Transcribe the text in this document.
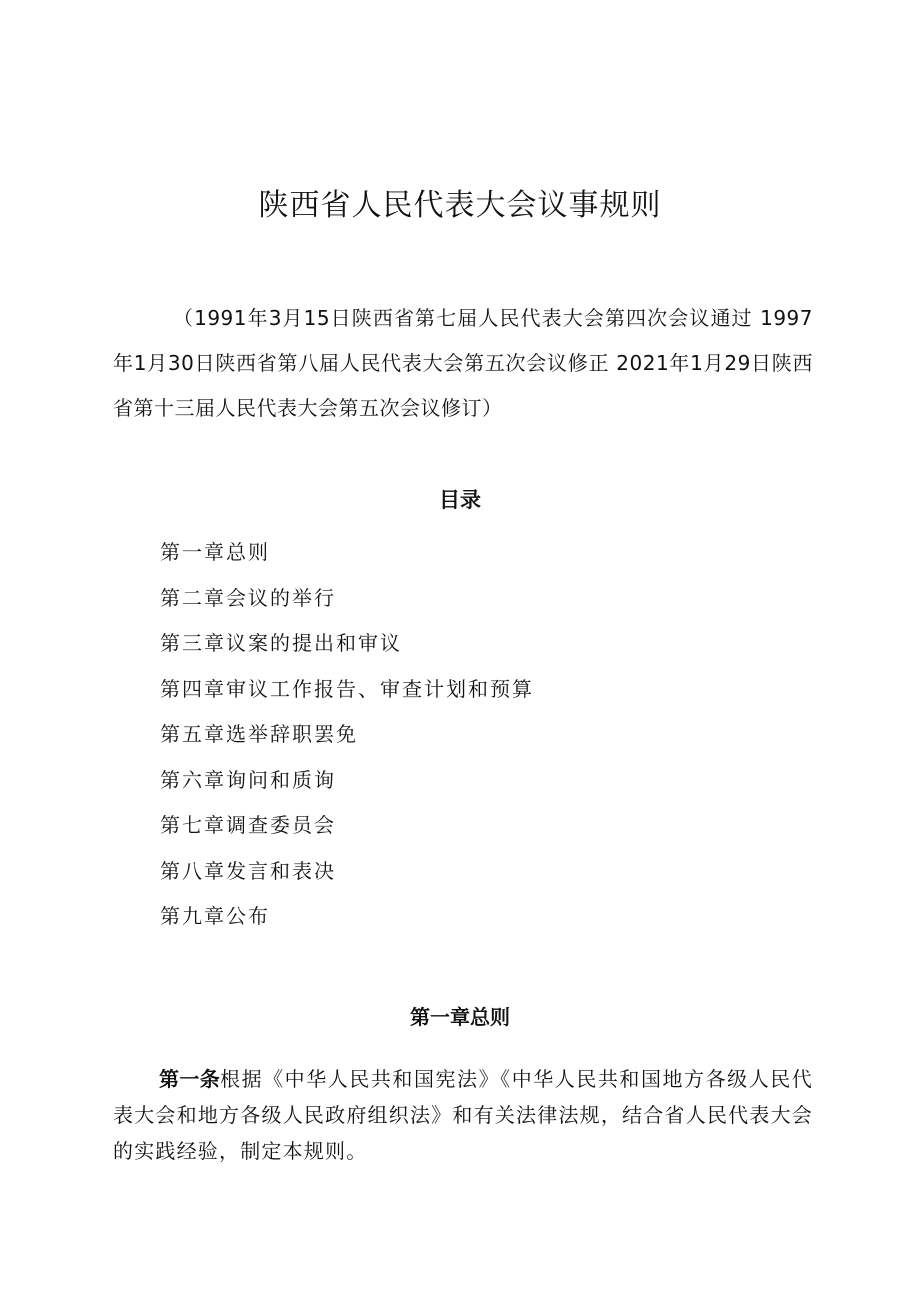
陕西省人民代表大会议事规则
（1991年3月15日陕西省第七届人民代表大会第四次会议通过 1997年1月30日陕西省第八届人民代表大会第五次会议修正 2021年1月29日陕西省第十三届人民代表大会第五次会议修订）
目录
第一章总则
第二章会议的举行
第三章议案的提出和审议
第四章审议工作报告、审查计划和预算
第五章选举辞职罢免
第六章询问和质询
第七章调查委员会
第八章发言和表决
第九章公布
第一章总则

第一条根据《中华人民共和国宪法》《中华人民共和国地方各级人民代表大会和地方各级人民政府组织法》和有关法律法规，结合省人民代表大会的实践经验，制定本规则。
